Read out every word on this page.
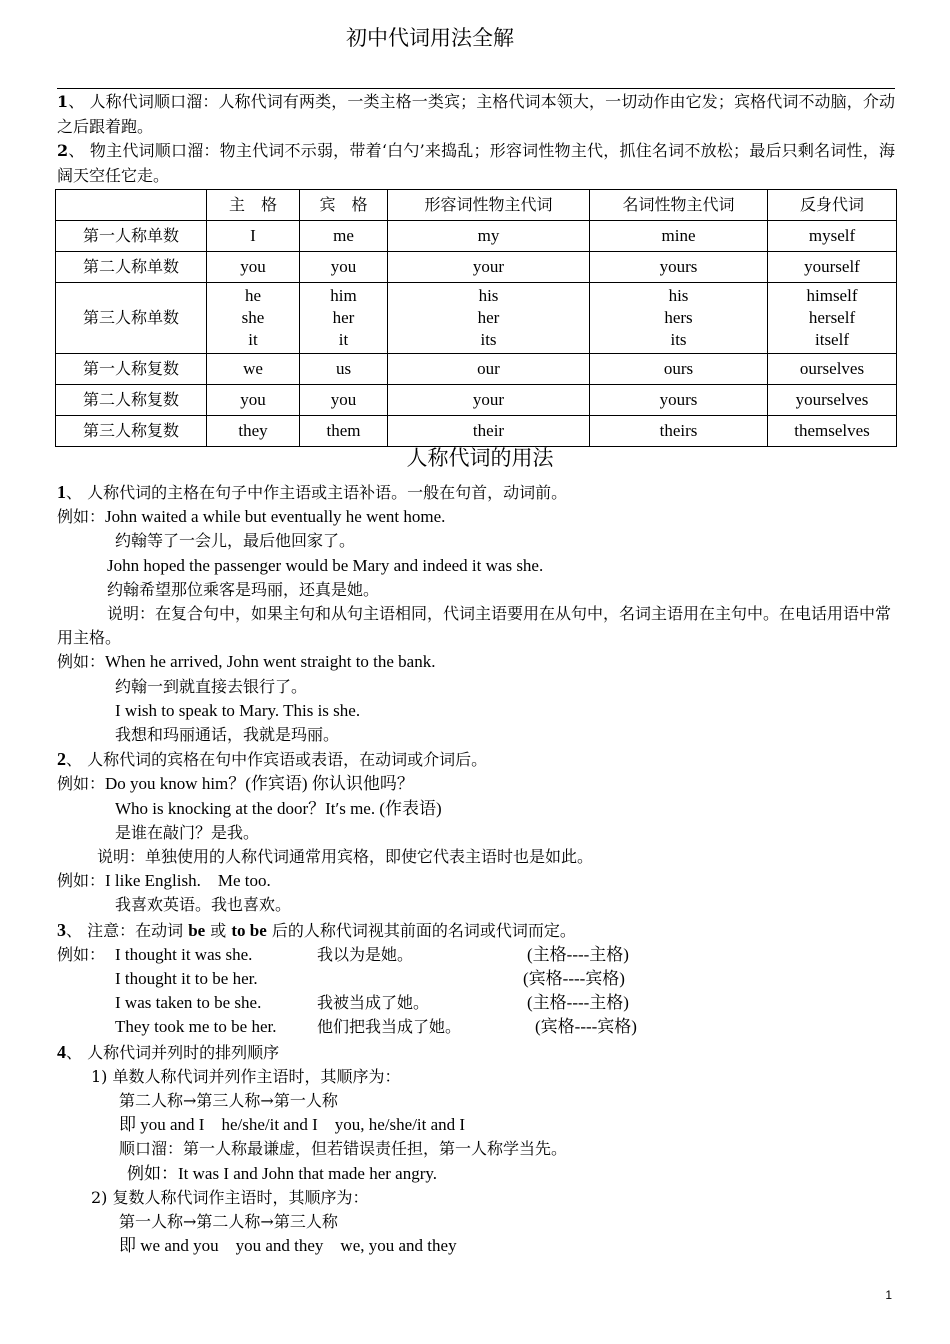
初中代词用法全解

1、 人称代词顺口溜：人称代词有两类，一类主格一类宾；主格代词本领大，一切动作由它发；宾格代词不动脑，介动之后跟着跑。

2、 物主代词顺口溜：物主代词不示弱，带着‘白勺’来捣乱；形容词性物主代，抓住名词不放松；最后只剩名词性，海阔天空任它走。

	主　格	宾　格	形容词性物主代词	名词性物主代词	反身代词
第一人称单数	I	me	my	mine	myself
第二人称单数	you	you	your	yours	yourself
第三人称单数	he
she
it	him
her
it	his
her
its	his
hers
its	himself
herself
itself

第一人称复数	we	us	our	ours	ourselves
第二人称复数	you	you	your	yours	yourselves
第三人称复数	they	them	their	theirs	themselves
人称代词的用法

1、 人称代词的主格在句子中作主语或主语补语。一般在句首，动词前。

例如：John waited a while but eventually he went home.

约翰等了一会儿，最后他回家了。

John hoped the passenger would be Mary and indeed it was she.

约翰希望那位乘客是玛丽，还真是她。

说明：在复合句中，如果主句和从句主语相同，代词主语要用在从句中，名词主语用在主句中。在电话用语中常用主格。

例如：When he arrived, John went straight to the bank.

约翰一到就直接去银行了。

I wish to speak to Mary. This is she.

我想和玛丽通话，我就是玛丽。

2、 人称代词的宾格在句中作宾语或表语，在动词或介词后。

例如：Do you know him？(作宾语) 你认识他吗？

Who is knocking at the door？It′s me. (作表语)

是谁在敲门？是我。

说明：单独使用的人称代词通常用宾格，即使它代表主语时也是如此。

例如：I like English.    Me too.

我喜欢英语。我也喜欢。

3、 注意：在动词 be 或 to be 后的人称代词视其前面的名词或代词而定。

例如： I thought it was she.	我以为是她。	(主格----主格)

I thought it to be her.	(宾格----宾格)

I was taken to be she.	我被当成了她。	(主格----主格)

They took me to be her.	他们把我当成了她。	(宾格----宾格)

4、 人称代词并列时的排列顺序

1) 单数人称代词并列作主语时，其顺序为：

第二人称→第三人称→第一人称

即 you and I    he/she/it and I    you, he/she/it and I

顺口溜：第一人称最谦虚，但若错误责任担，第一人称学当先。

例如：It was I and John that made her angry.

2) 复数人称代词作主语时，其顺序为：

第一人称→第二人称→第三人称

即 we and you    you and they    we, you and they

1
